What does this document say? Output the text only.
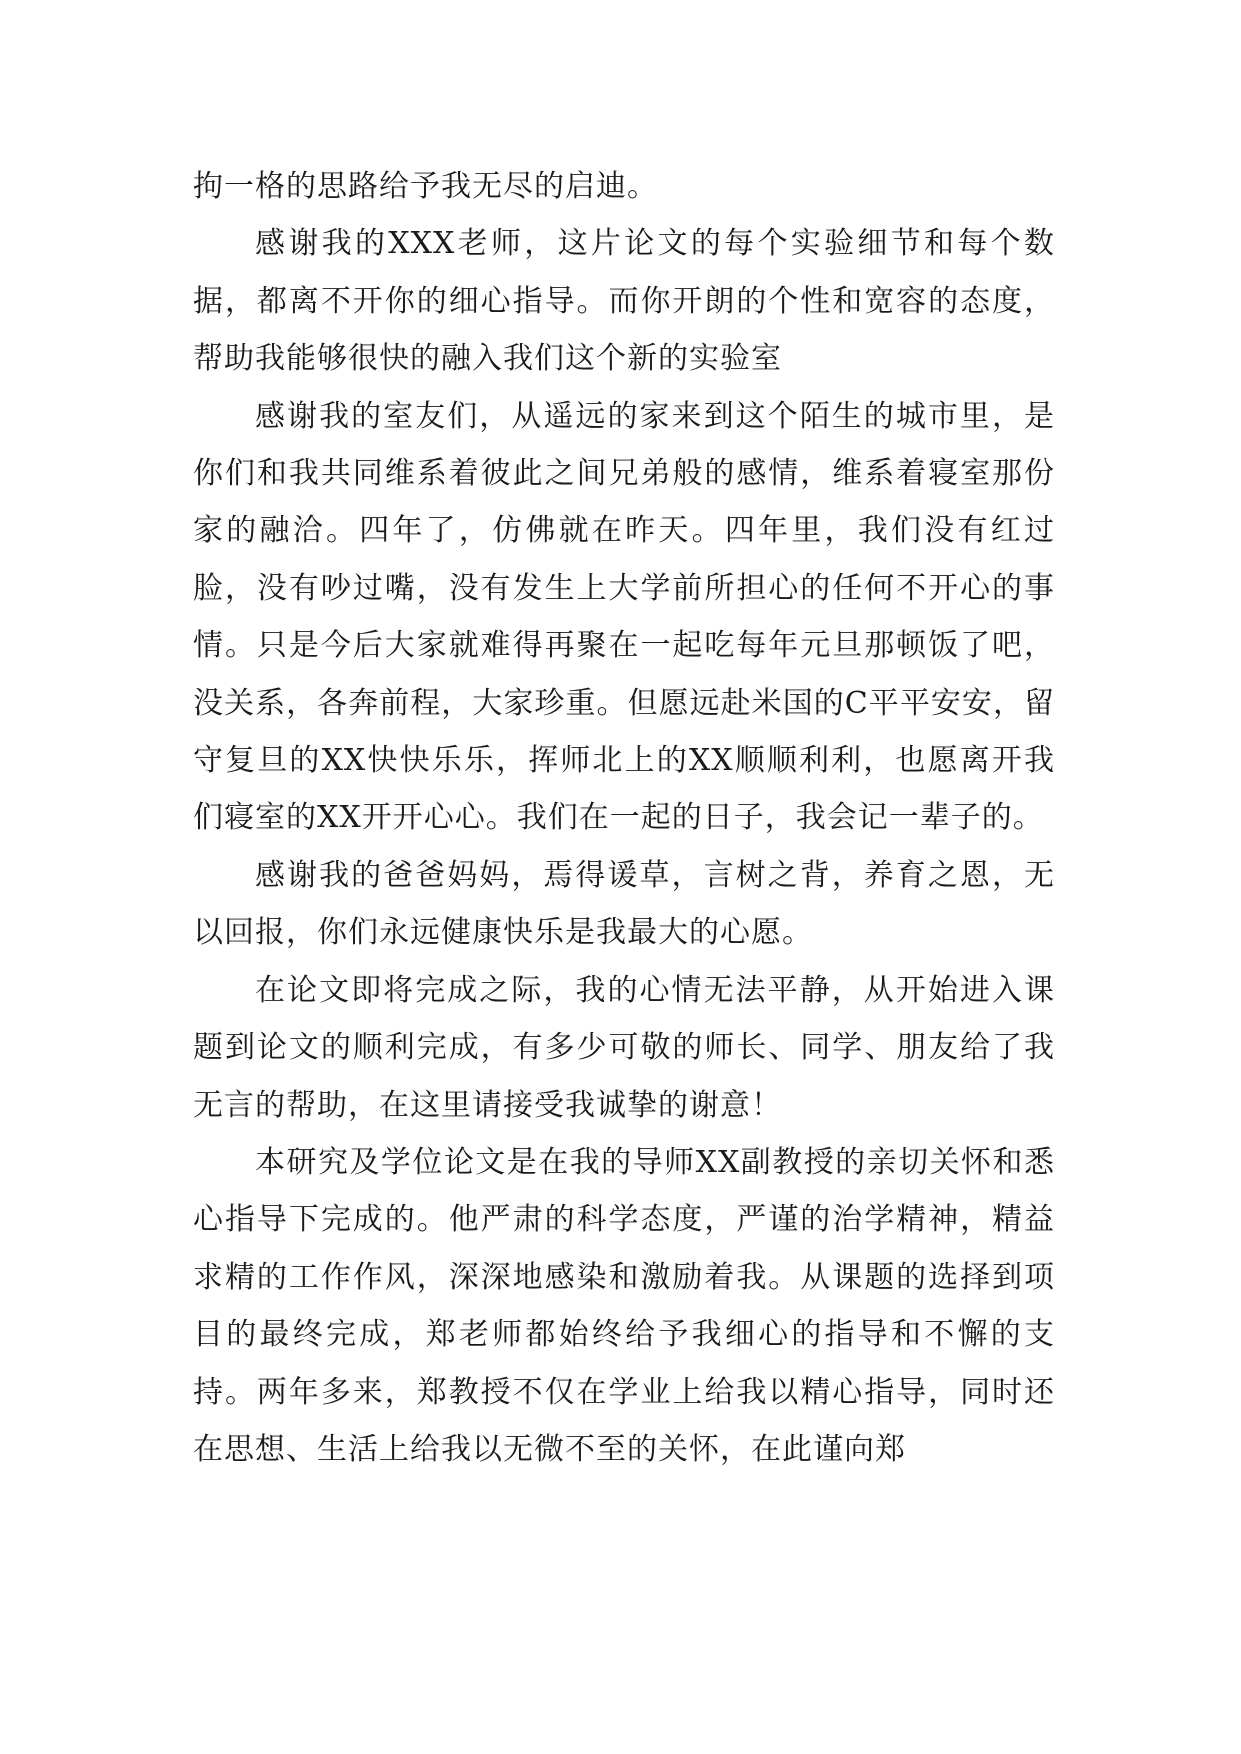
拘一格的思路给予我无尽的启迪。

感谢我的XXX老师，这片论文的每个实验细节和每个数据，都离不开你的细心指导。而你开朗的个性和宽容的态度，帮助我能够很快的融入我们这个新的实验室

感谢我的室友们，从遥远的家来到这个陌生的城市里，是你们和我共同维系着彼此之间兄弟般的感情，维系着寝室那份家的融洽。四年了，仿佛就在昨天。四年里，我们没有红过脸，没有吵过嘴，没有发生上大学前所担心的任何不开心的事情。只是今后大家就难得再聚在一起吃每年元旦那顿饭了吧，没关系，各奔前程，大家珍重。但愿远赴米国的C平平安安，留守复旦的XX快快乐乐，挥师北上的XX顺顺利利，也愿离开我们寝室的XX开开心心。我们在一起的日子，我会记一辈子的。

感谢我的爸爸妈妈，焉得谖草，言树之背，养育之恩，无以回报，你们永远健康快乐是我最大的心愿。

在论文即将完成之际，我的心情无法平静，从开始进入课题到论文的顺利完成，有多少可敬的师长、同学、朋友给了我无言的帮助，在这里请接受我诚挚的谢意！

本研究及学位论文是在我的导师XX副教授的亲切关怀和悉心指导下完成的。他严肃的科学态度，严谨的治学精神，精益求精的工作作风，深深地感染和激励着我。从课题的选择到项目的最终完成，郑老师都始终给予我细心的指导和不懈的支持。两年多来，郑教授不仅在学业上给我以精心指导，同时还在思想、生活上给我以无微不至的关怀，在此谨向郑
